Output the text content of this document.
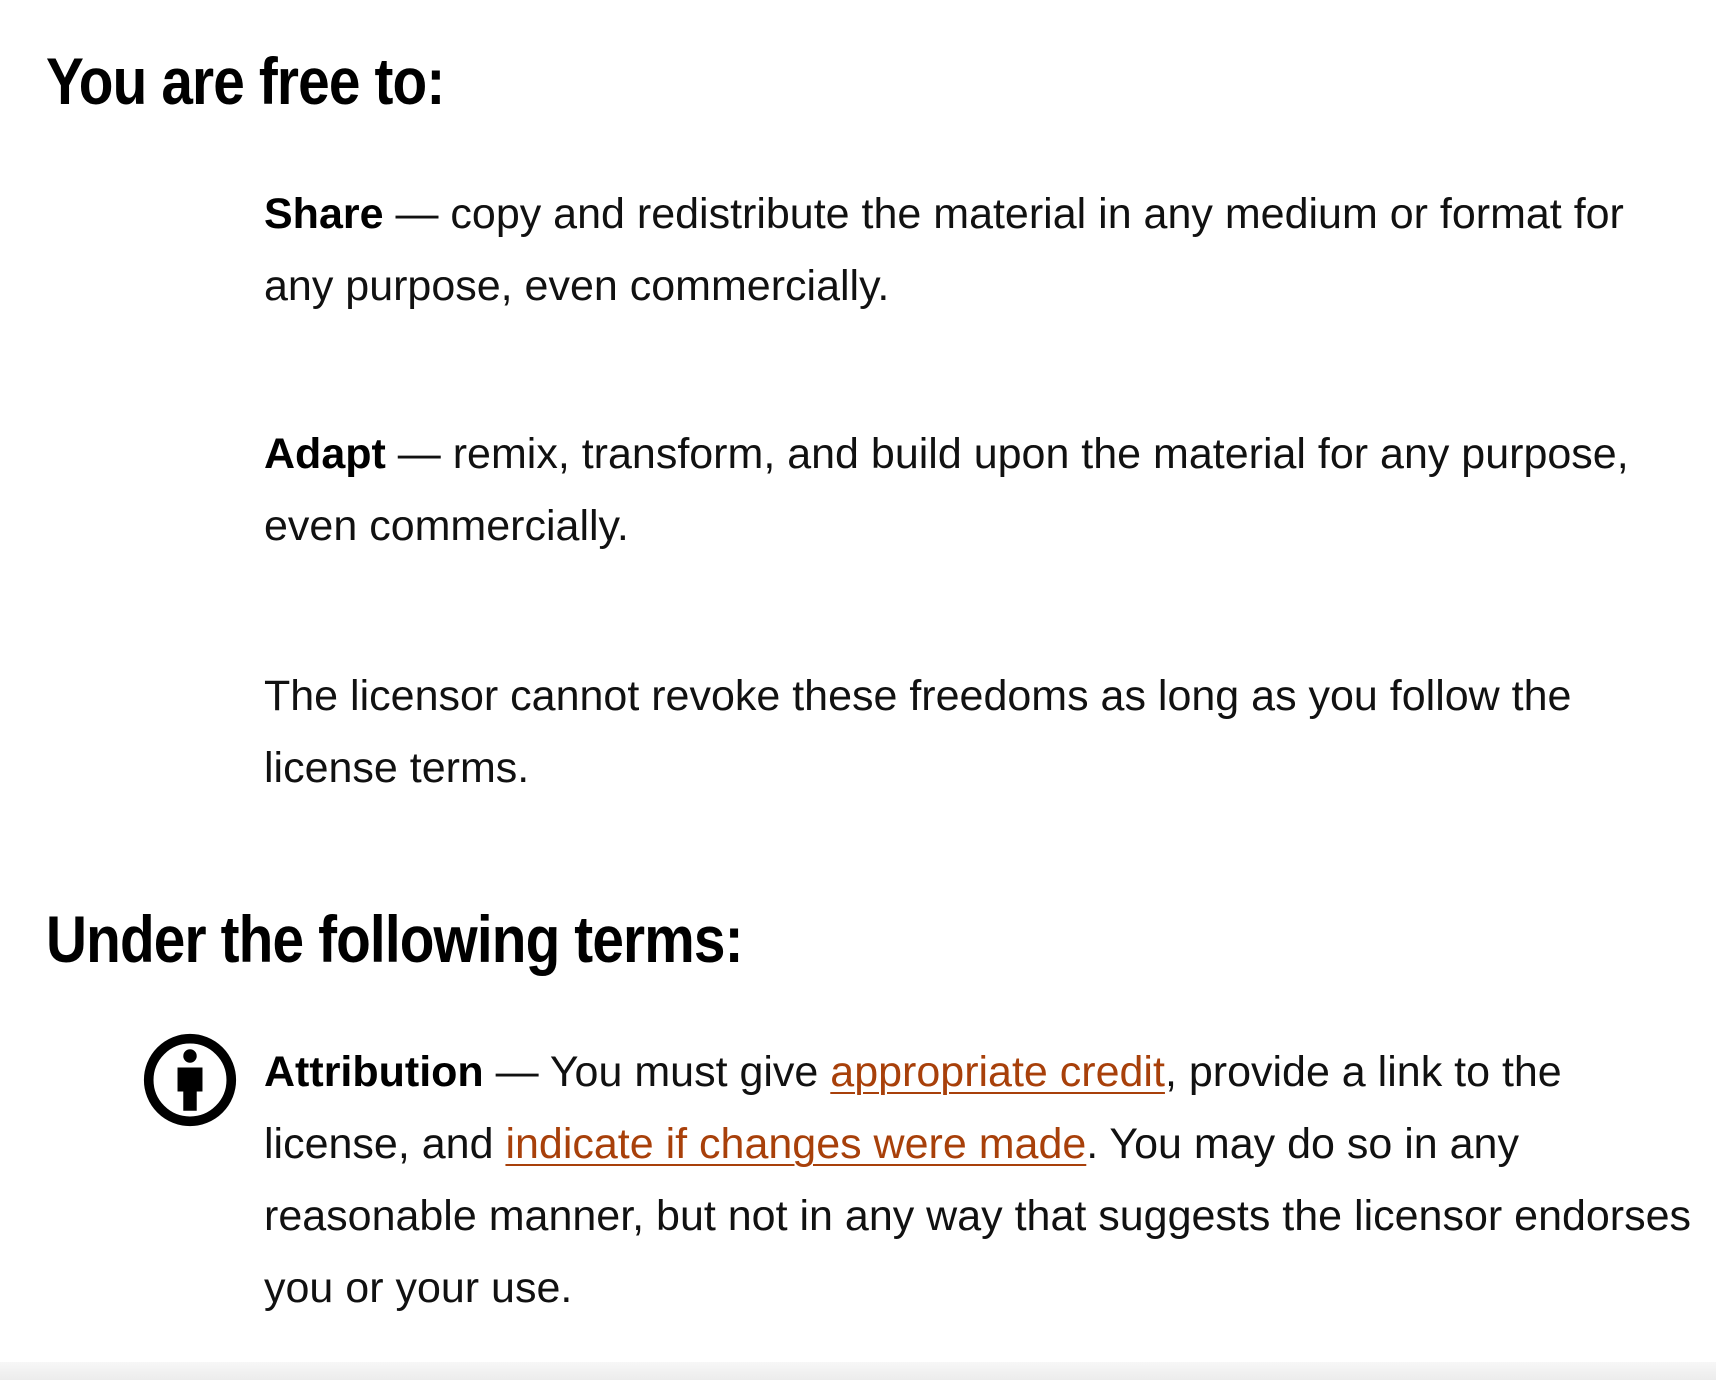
You are free to:

Share — copy and redistribute the material in any medium or format for any purpose, even commercially.

Adapt — remix, transform, and build upon the material for any purpose, even commercially.

The licensor cannot revoke these freedoms as long as you follow the license terms.

Under the following terms:

Attribution — You must give appropriate credit, provide a link to the license, and indicate if changes were made. You may do so in any reasonable manner, but not in any way that suggests the licensor endorses you or your use.
